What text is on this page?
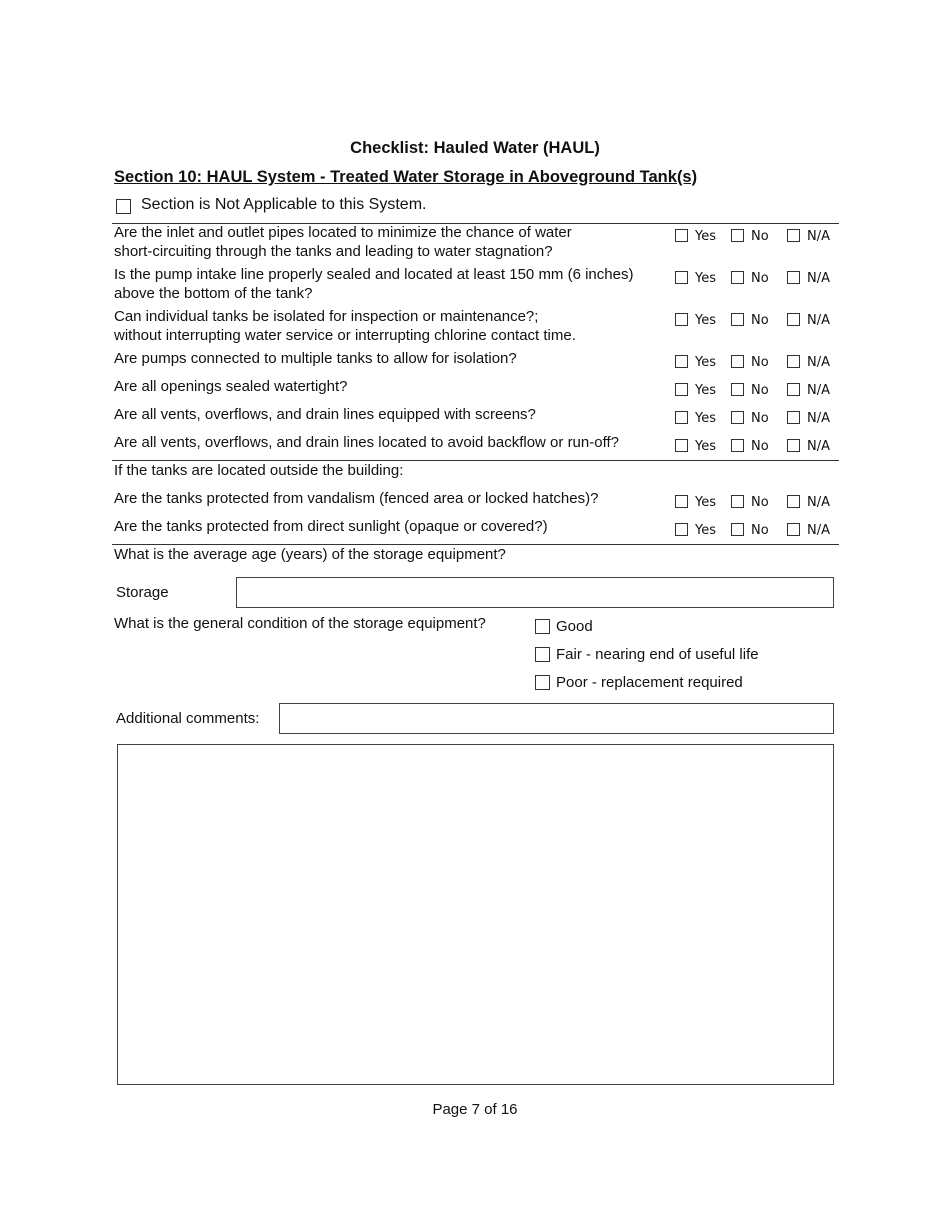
Checklist: Hauled Water (HAUL)
Section 10: HAUL System - Treated Water Storage in Aboveground Tank(s)
Section is Not Applicable to this System.
Are the inlet and outlet pipes located to minimize the chance of water
short-circuiting through the tanks and leading to water stagnation?
Yes	No	N/A
Is the pump intake line properly sealed and located at least 150 mm (6 inches)
above the bottom of the tank?
Yes	No	N/A
Can individual tanks be isolated for inspection or maintenance?;
without interrupting water service or interrupting chlorine contact time.
Yes	No	N/A
Are pumps connected to multiple tanks to allow for isolation?	Yes	No	N/A
Are all openings sealed watertight?	Yes	No	N/A
Are all vents, overflows, and drain lines equipped with screens?	Yes	No	N/A
Are all vents, overflows, and drain lines located to avoid backflow or run-off?	Yes	No	N/A
If the tanks are located outside the building:
Are the tanks protected from vandalism (fenced area or locked hatches)?	Yes	No	N/A
Are the tanks protected from direct sunlight (opaque or covered?)	Yes	No	N/A
What is the average age (years) of the storage equipment?
Storage
What is the general condition of the storage equipment?	Good
Fair - nearing end of useful life
Poor - replacement required
Additional comments:
Page 7 of 16
